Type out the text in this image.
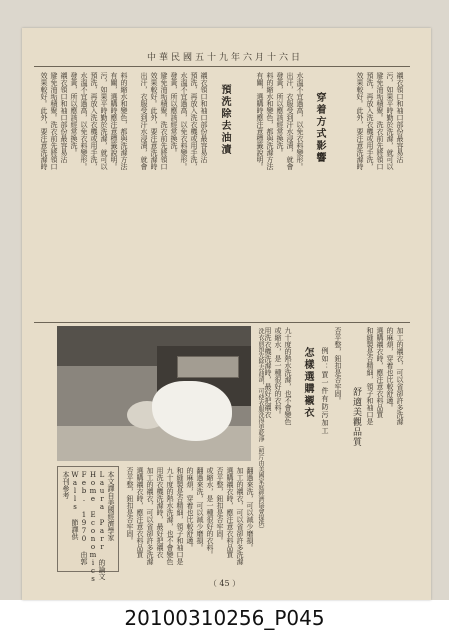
中華民國五十九年六月十六日
襯衣領口和袖口部份最容易沾
污，如果平時勤於洗滌，就可以
避免油垢積聚。洗衣前先將領口
預洗，再放入洗衣機或用手洗，
效果較好。此外，要注意洗滌時
穿着方式影響
水溫不宜過高，以免衣料變形。
出汗，衣服受到汗水浸漬，就會
發黃，所以應該經常換洗。
料的縮水和變色，都與洗滌方法
有關，選購時應注意標籤說明。
預洗除去油漬
襯衣領口和袖口部份最容易沾
預洗，再放入洗衣機或用手洗，
水溫不宜過高，以免衣料變形。
發黃，所以應該經常換洗。
避免油垢積聚。洗衣前先將領口
效果較好。此外，要注意洗滌時
出汗，衣服受到汗水浸漬，就會
料的縮水和變色，都與洗滌方法
有關，選購時應注意標籤說明。
污，如果平時勤於洗滌，就可以
預洗，再放入洗衣機或用手洗，
水溫不宜過高，以免衣料變形。
發黃，所以應該經常換洗。
襯衣領口和袖口部份最容易沾
避免油垢積聚。洗衣前先將領口
效果較好。此外，要注意洗滌時
加工的襯衣，可以省卻許多洗滌
的麻煩，穿着也比較舒適。
選購襯衣時，應注意衣料品質
和縫製是否精細，領子和袖口是
舒適美觀品質
否平整，鈕扣是否牢固。
例如：買一件有防污加工
怎樣選購襯衣
九十度的熱水洗滌，也不會變色
或縮水，是一種很好的衣料。
用洗衣機洗滌時，最好把襯衣
翻過來洗，可以減少磨損。
加工的襯衣，可以省卻許多洗滌
選購襯衣時，應注意衣料品質
否平整，鈕扣是否牢固。
或縮水，是一種很好的衣料。
翻過來洗，可以減少磨損。
的麻煩，穿着也比較舒適。
和縫製是否精細，領子和袖口是
九十度的熱水洗滌，也不會變色
用洗衣機洗滌時，最好把襯衣
加工的襯衣，可以省卻許多洗滌
選購襯衣時，應注意衣料品質
否平整，鈕扣是否牢固。	洗衣前預先除去油漬，可使衣服洗得更乾淨（照片由美國家庭經濟協會提供）
本文譯自美國經濟學家
Laura Parr 的論文
Home Economics
Feb. 1970 由郭
Walls 節譯供
本刊參考
（ 45 ）
20100310256_P045
